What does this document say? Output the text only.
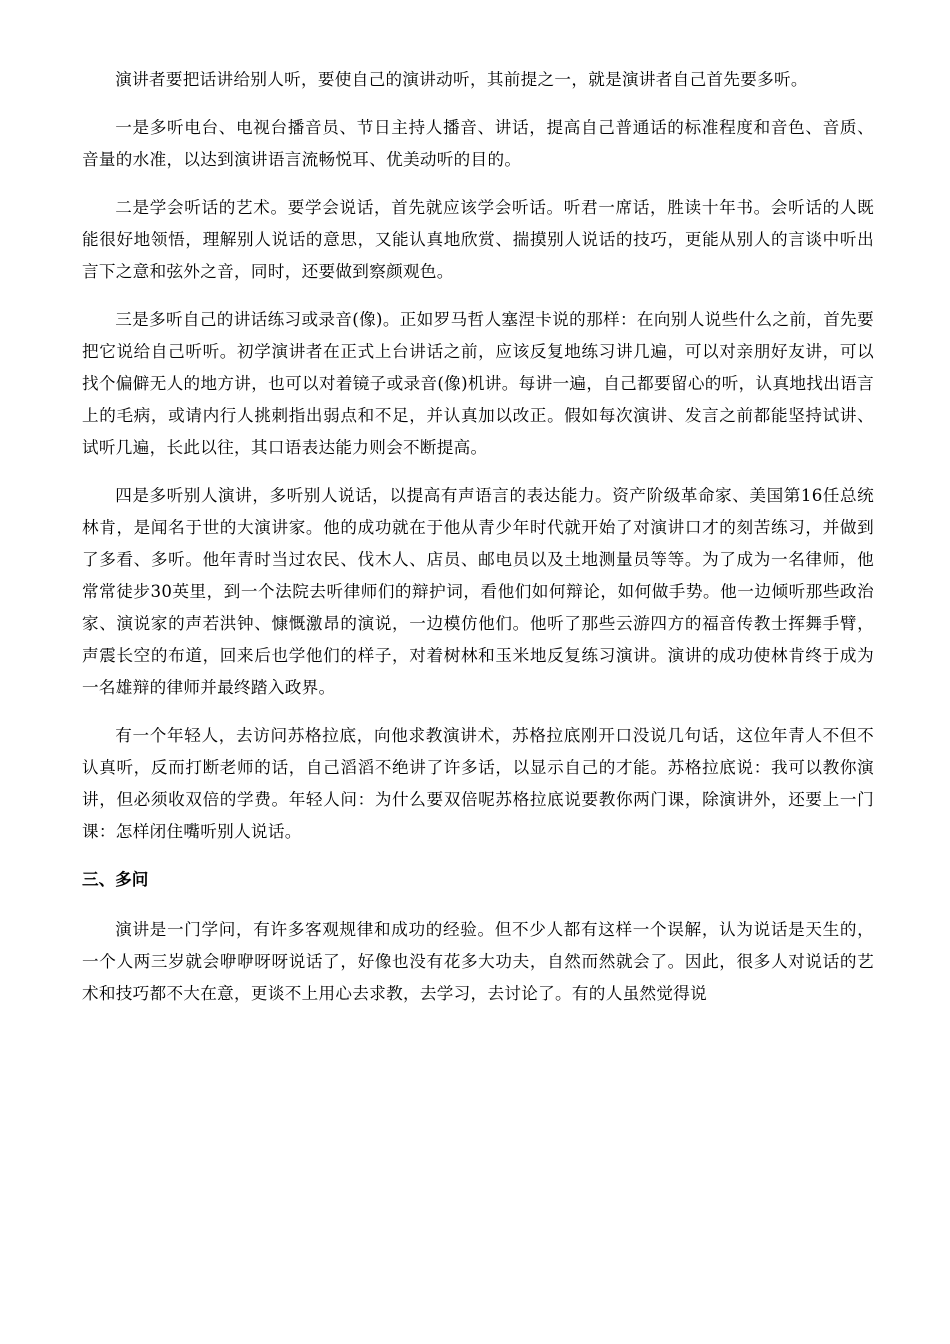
演讲者要把话讲给别人听，要使自己的演讲动听，其前提之一，就是演讲者自己首先要多听。

一是多听电台、电视台播音员、节日主持人播音、讲话，提高自己普通话的标准程度和音色、音质、音量的水准，以达到演讲语言流畅悦耳、优美动听的目的。

二是学会听话的艺术。要学会说话，首先就应该学会听话。听君一席话，胜读十年书。会听话的人既能很好地领悟，理解别人说话的意思，又能认真地欣赏、揣摸别人说话的技巧，更能从别人的言谈中听出言下之意和弦外之音，同时，还要做到察颜观色。

三是多听自己的讲话练习或录音(像)。正如罗马哲人塞涅卡说的那样：在向别人说些什么之前，首先要把它说给自己听听。初学演讲者在正式上台讲话之前，应该反复地练习讲几遍，可以对亲朋好友讲，可以找个偏僻无人的地方讲，也可以对着镜子或录音(像)机讲。每讲一遍，自己都要留心的听，认真地找出语言上的毛病，或请内行人挑刺指出弱点和不足，并认真加以改正。假如每次演讲、发言之前都能坚持试讲、试听几遍，长此以往，其口语表达能力则会不断提高。

四是多听别人演讲，多听别人说话，以提高有声语言的表达能力。资产阶级革命家、美国第16任总统林肯，是闻名于世的大演讲家。他的成功就在于他从青少年时代就开始了对演讲口才的刻苦练习，并做到了多看、多听。他年青时当过农民、伐木人、店员、邮电员以及土地测量员等等。为了成为一名律师，他常常徒步30英里，到一个法院去听律师们的辩护词，看他们如何辩论，如何做手势。他一边倾听那些政治家、演说家的声若洪钟、慷慨激昂的演说，一边模仿他们。他听了那些云游四方的福音传教士挥舞手臂，声震长空的布道，回来后也学他们的样子，对着树林和玉米地反复练习演讲。演讲的成功使林肯终于成为一名雄辩的律师并最终踏入政界。

有一个年轻人，去访问苏格拉底，向他求教演讲术，苏格拉底刚开口没说几句话，这位年青人不但不认真听，反而打断老师的话，自己滔滔不绝讲了许多话，以显示自己的才能。苏格拉底说：我可以教你演讲，但必须收双倍的学费。年轻人问：为什么要双倍呢苏格拉底说要教你两门课，除演讲外，还要上一门课：怎样闭住嘴听别人说话。

三、多问

演讲是一门学问，有许多客观规律和成功的经验。但不少人都有这样一个误解，认为说话是天生的，一个人两三岁就会咿咿呀呀说话了，好像也没有花多大功夫，自然而然就会了。因此，很多人对说话的艺术和技巧都不大在意，更谈不上用心去求教，去学习，去讨论了。有的人虽然觉得说
